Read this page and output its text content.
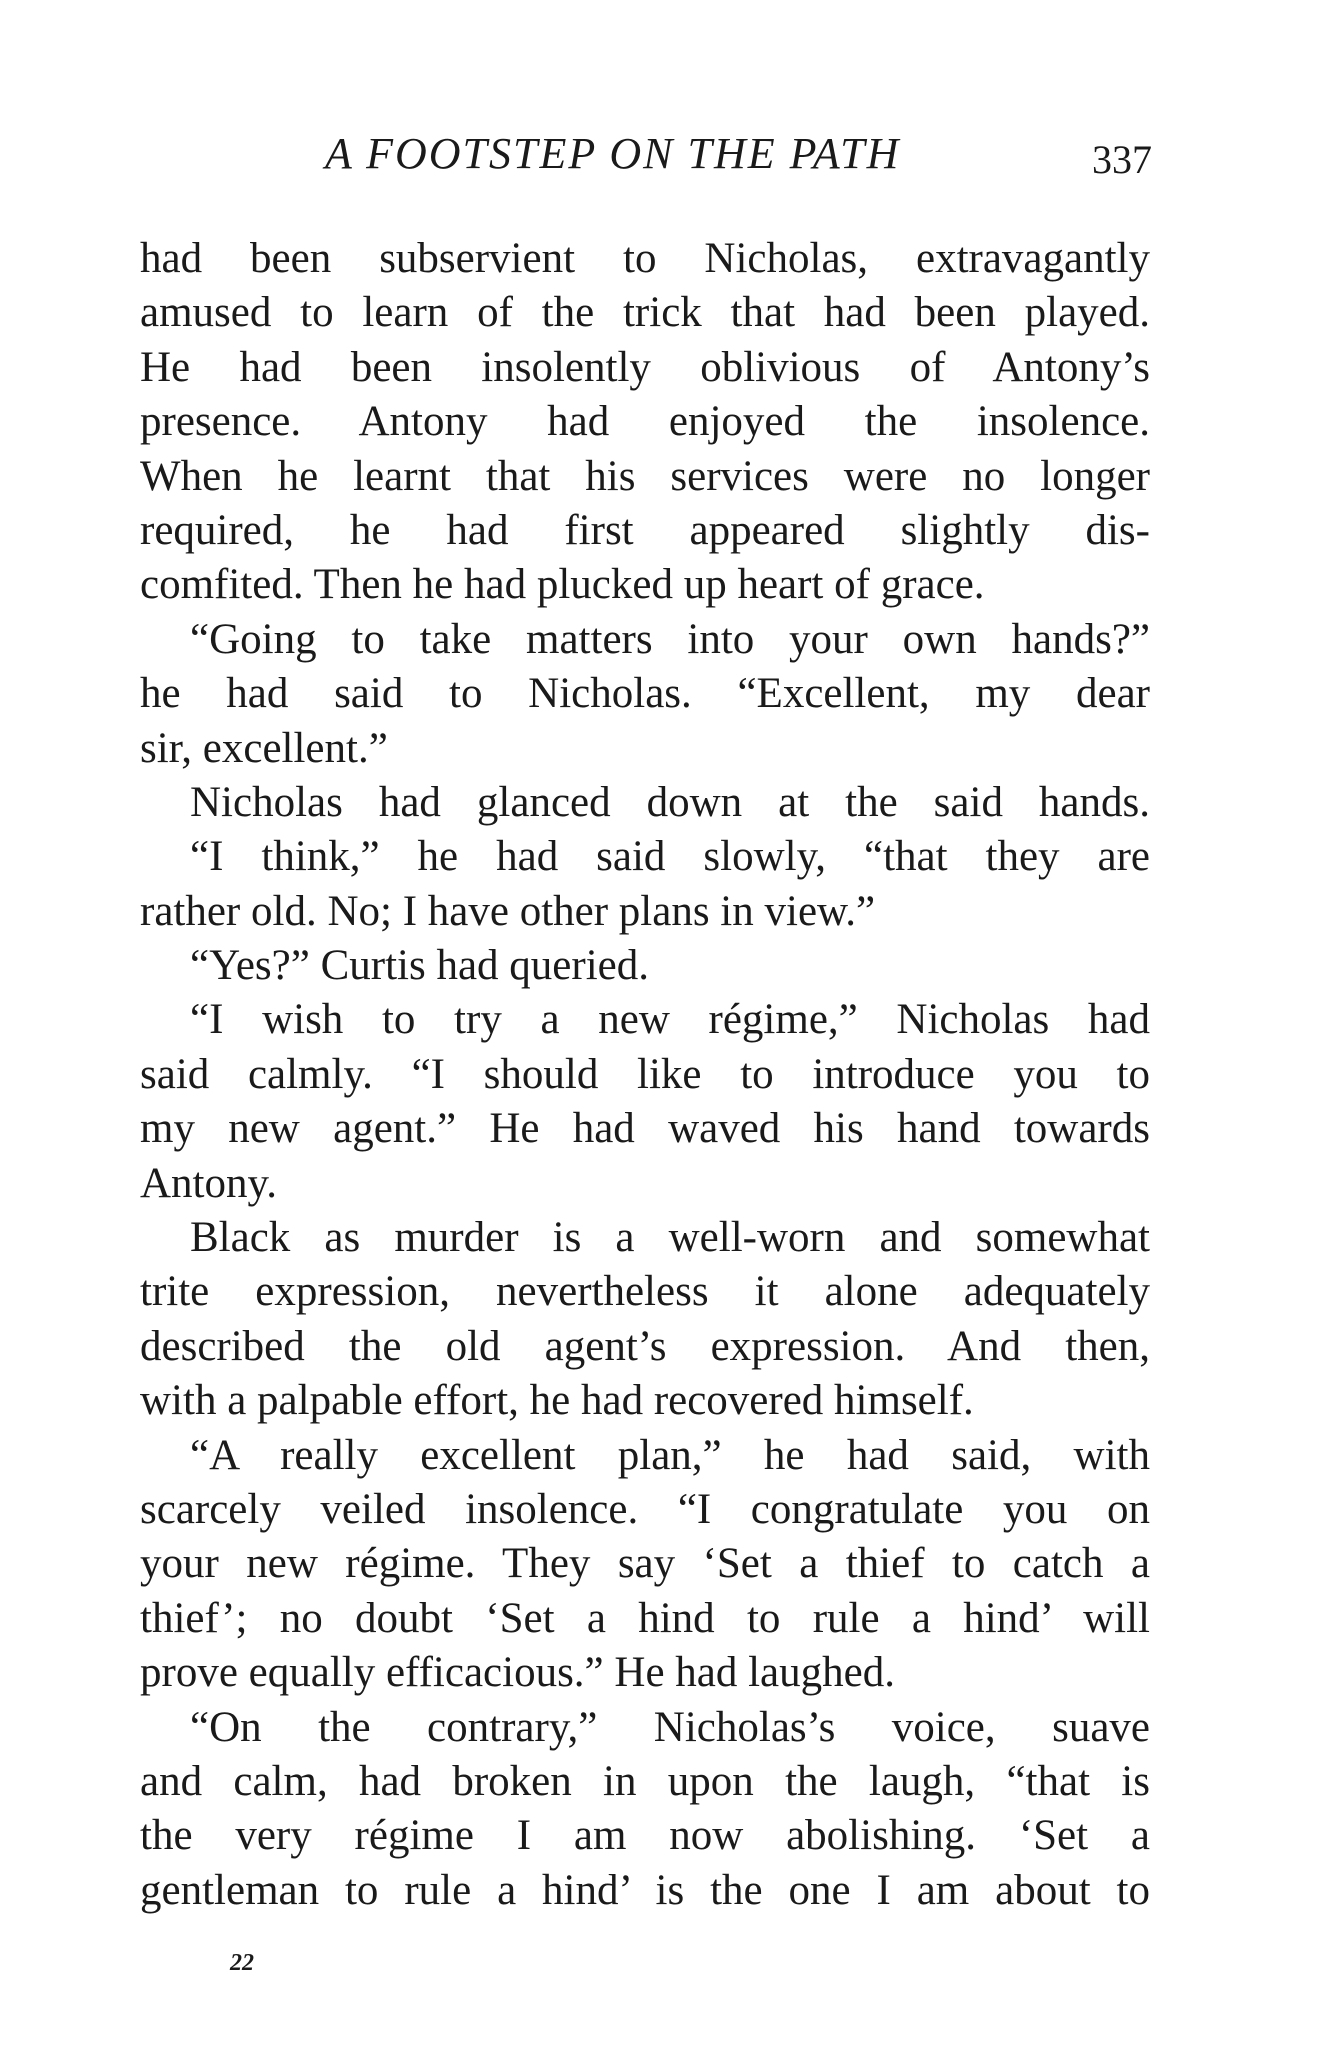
A FOOTSTEP ON THE PATH	337
had been subservient to Nicholas, extravagantly
amused to learn of the trick that had been played.
He had been insolently oblivious of Antony’s
presence. Antony had enjoyed the insolence.
When he learnt that his services were no longer
required, he had first appeared slightly dis-
comfited. Then he had plucked up heart of grace.
“Going to take matters into your own hands?”
he had said to Nicholas. “Excellent, my dear
sir, excellent.”
Nicholas had glanced down at the said hands.
“I think,” he had said slowly, “that they are
rather old. No; I have other plans in view.”
“Yes?” Curtis had queried.
“I wish to try a new régime,” Nicholas had
said calmly. “I should like to introduce you to
my new agent.” He had waved his hand towards
Antony.
Black as murder is a well-worn and somewhat
trite expression, nevertheless it alone adequately
described the old agent’s expression. And then,
with a palpable effort, he had recovered himself.
“A really excellent plan,” he had said, with
scarcely veiled insolence. “I congratulate you on
your new régime. They say ‘Set a thief to catch a
thief’; no doubt ‘Set a hind to rule a hind’ will
prove equally efficacious.” He had laughed.
“On the contrary,” Nicholas’s voice, suave
and calm, had broken in upon the laugh, “that is
the very régime I am now abolishing. ‘Set a
gentleman to rule a hind’ is the one I am about to
22
